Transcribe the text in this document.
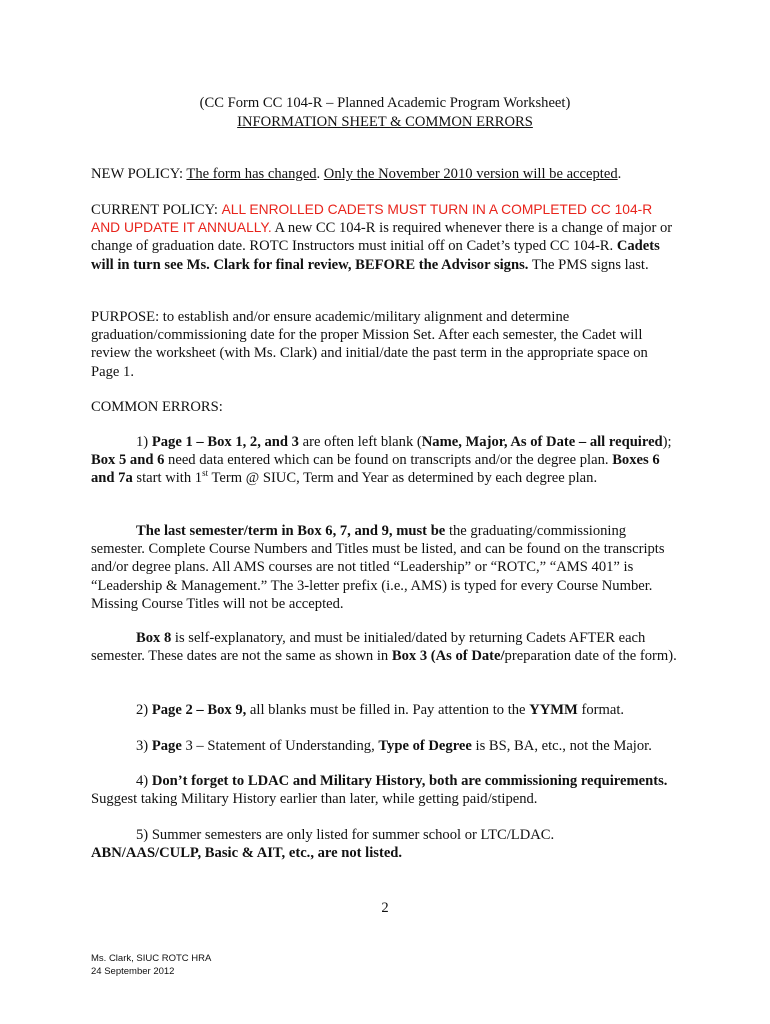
(CC Form CC 104-R – Planned Academic Program Worksheet)
INFORMATION SHEET & COMMON ERRORS

NEW POLICY: The form has changed. Only the November 2010 version will be accepted.

CURRENT POLICY: ALL ENROLLED CADETS MUST TURN IN A COMPLETED CC 104-R AND UPDATE IT ANNUALLY. A new CC 104-R is required whenever there is a change of major or change of graduation date. ROTC Instructors must initial off on Cadet’s typed CC 104-R. Cadets will in turn see Ms. Clark for final review, BEFORE the Advisor signs. The PMS signs last.

PURPOSE: to establish and/or ensure academic/military alignment and determine graduation/commissioning date for the proper Mission Set. After each semester, the Cadet will review the worksheet (with Ms. Clark) and initial/date the past term in the appropriate space on Page 1.

COMMON ERRORS:

1) Page 1 – Box 1, 2, and 3 are often left blank (Name, Major, As of Date – all required); Box 5 and 6 need data entered which can be found on transcripts and/or the degree plan. Boxes 6 and 7a start with 1st Term @ SIUC, Term and Year as determined by each degree plan.

The last semester/term in Box 6, 7, and 9, must be the graduating/commissioning semester. Complete Course Numbers and Titles must be listed, and can be found on the transcripts and/or degree plans. All AMS courses are not titled “Leadership” or “ROTC,” “AMS 401” is “Leadership & Management.” The 3-letter prefix (i.e., AMS) is typed for every Course Number. Missing Course Titles will not be accepted.

Box 8 is self-explanatory, and must be initialed/dated by returning Cadets AFTER each semester. These dates are not the same as shown in Box 3 (As of Date/preparation date of the form).

2) Page 2 – Box 9, all blanks must be filled in. Pay attention to the YYMM format.

3) Page 3 – Statement of Understanding, Type of Degree is BS, BA, etc., not the Major.

4) Don’t forget to LDAC and Military History, both are commissioning requirements. Suggest taking Military History earlier than later, while getting paid/stipend.

5) Summer semesters are only listed for summer school or LTC/LDAC.
ABN/AAS/CULP, Basic & AIT, etc., are not listed.

2
Ms. Clark, SIUC ROTC HRA
24 September 2012
